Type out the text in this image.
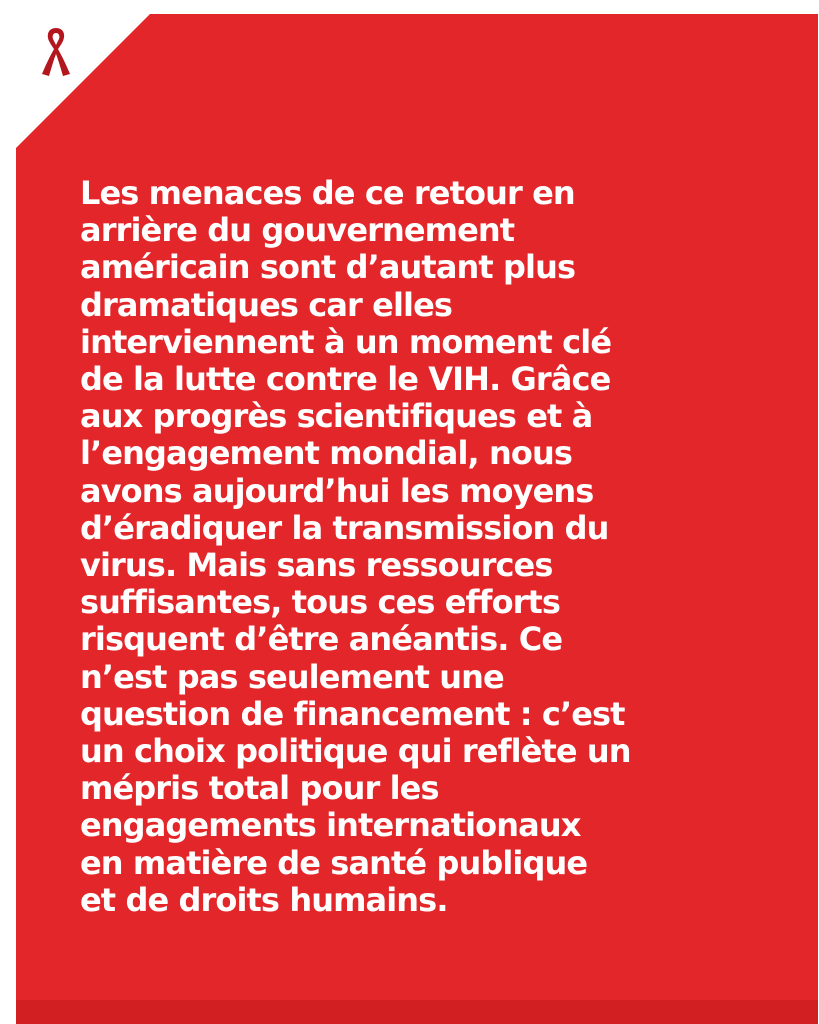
Les menaces de ce retour en
arrière du gouvernement
américain sont d’autant plus
dramatiques car elles
interviennent à un moment clé
de la lutte contre le VIH. Grâce
aux progrès scientifiques et à
l’engagement mondial, nous
avons aujourd’hui les moyens
d’éradiquer la transmission du
virus. Mais sans ressources
suffisantes, tous ces efforts
risquent d’être anéantis. Ce
n’est pas seulement une
question de financement : c’est
un choix politique qui reflète un
mépris total pour les
engagements internationaux
en matière de santé publique
et de droits humains.
